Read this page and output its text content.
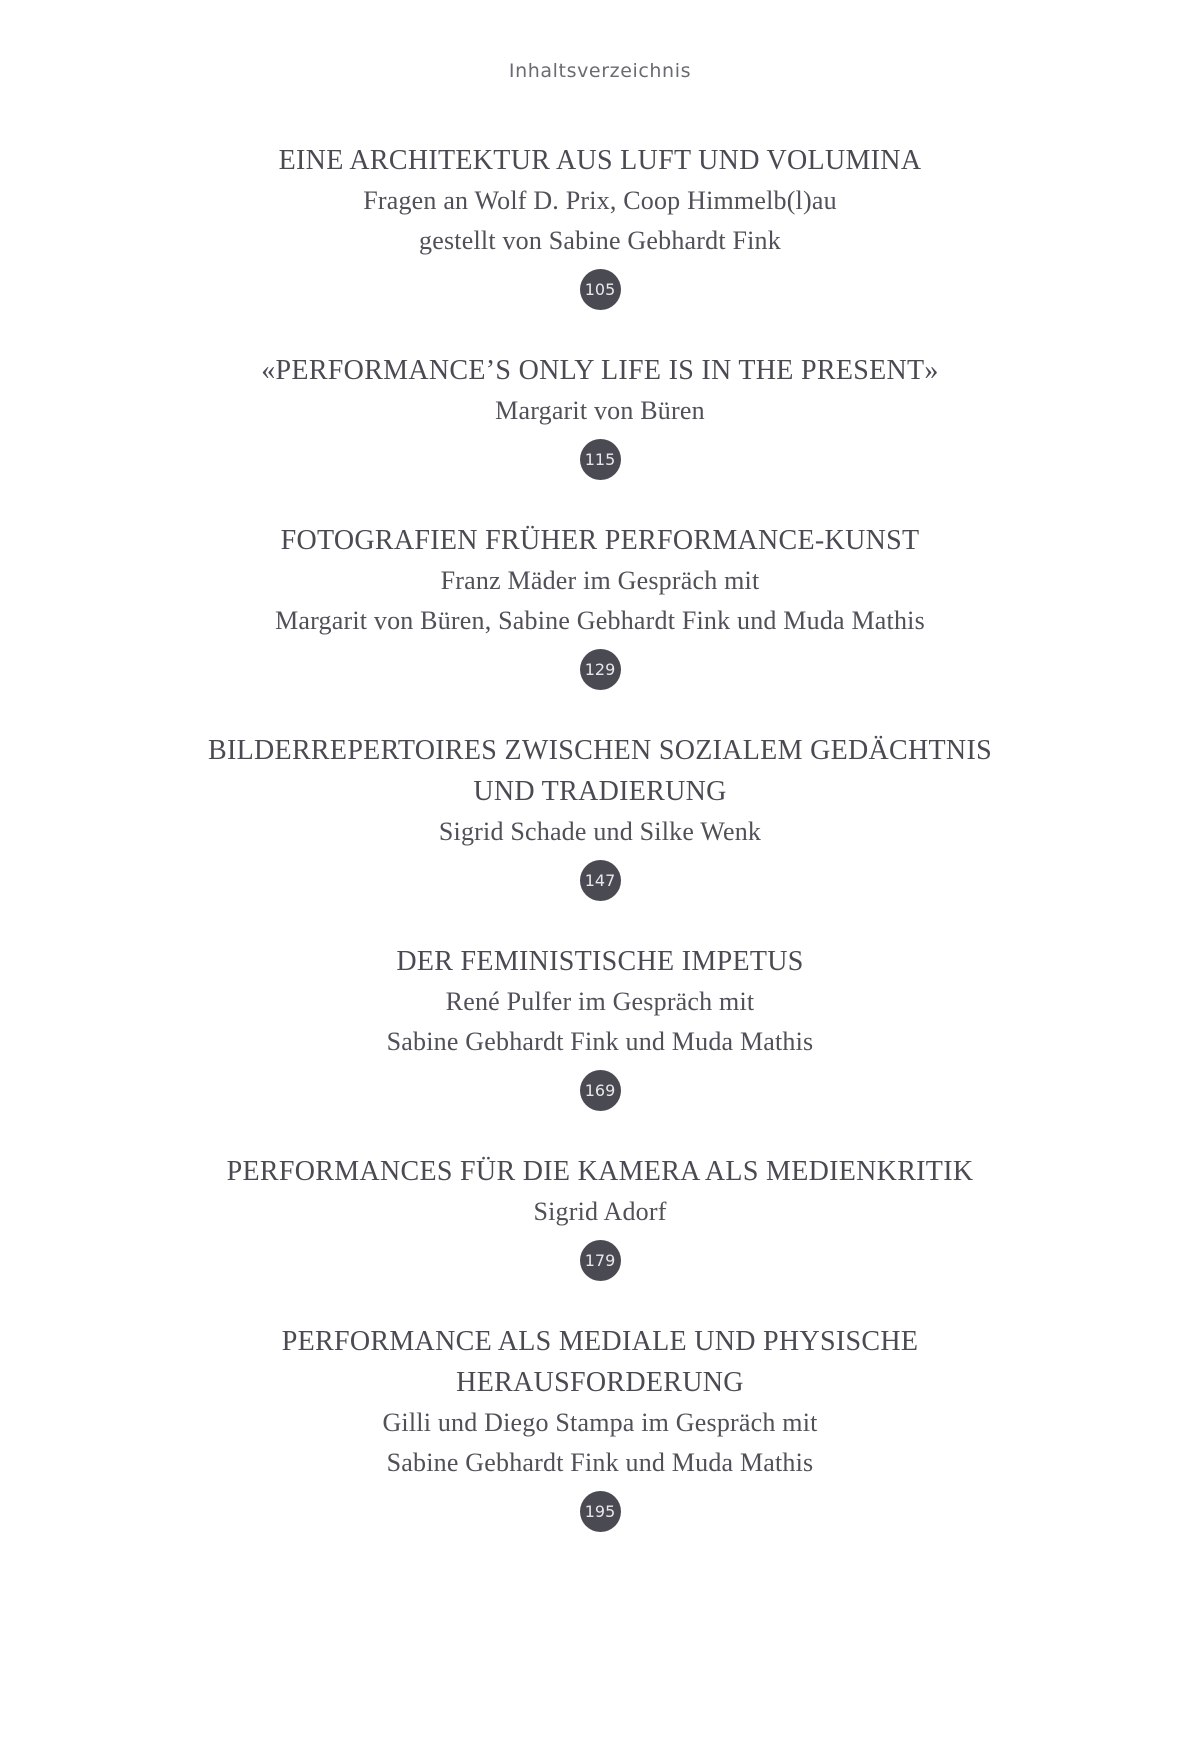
Inhaltsverzeichnis
EINE ARCHITEKTUR AUS LUFT UND VOLUMINA
Fragen an Wolf D. Prix, Coop Himmelb(l)au
gestellt von Sabine Gebhardt Fink
105
«PERFORMANCE’S ONLY LIFE IS IN THE PRESENT»
Margarit von Büren
115
FOTOGRAFIEN FRÜHER PERFORMANCE-KUNST
Franz Mäder im Gespräch mit
Margarit von Büren, Sabine Gebhardt Fink und Muda Mathis
129
BILDERREPERTOIRES ZWISCHEN SOZIALEM GEDÄCHTNIS
UND TRADIERUNG
Sigrid Schade und Silke Wenk
147
DER FEMINISTISCHE IMPETUS
René Pulfer im Gespräch mit
Sabine Gebhardt Fink und Muda Mathis
169
PERFORMANCES FÜR DIE KAMERA ALS MEDIENKRITIK
Sigrid Adorf
179
PERFORMANCE ALS MEDIALE UND PHYSISCHE
HERAUSFORDERUNG
Gilli und Diego Stampa im Gespräch mit
Sabine Gebhardt Fink und Muda Mathis
195
